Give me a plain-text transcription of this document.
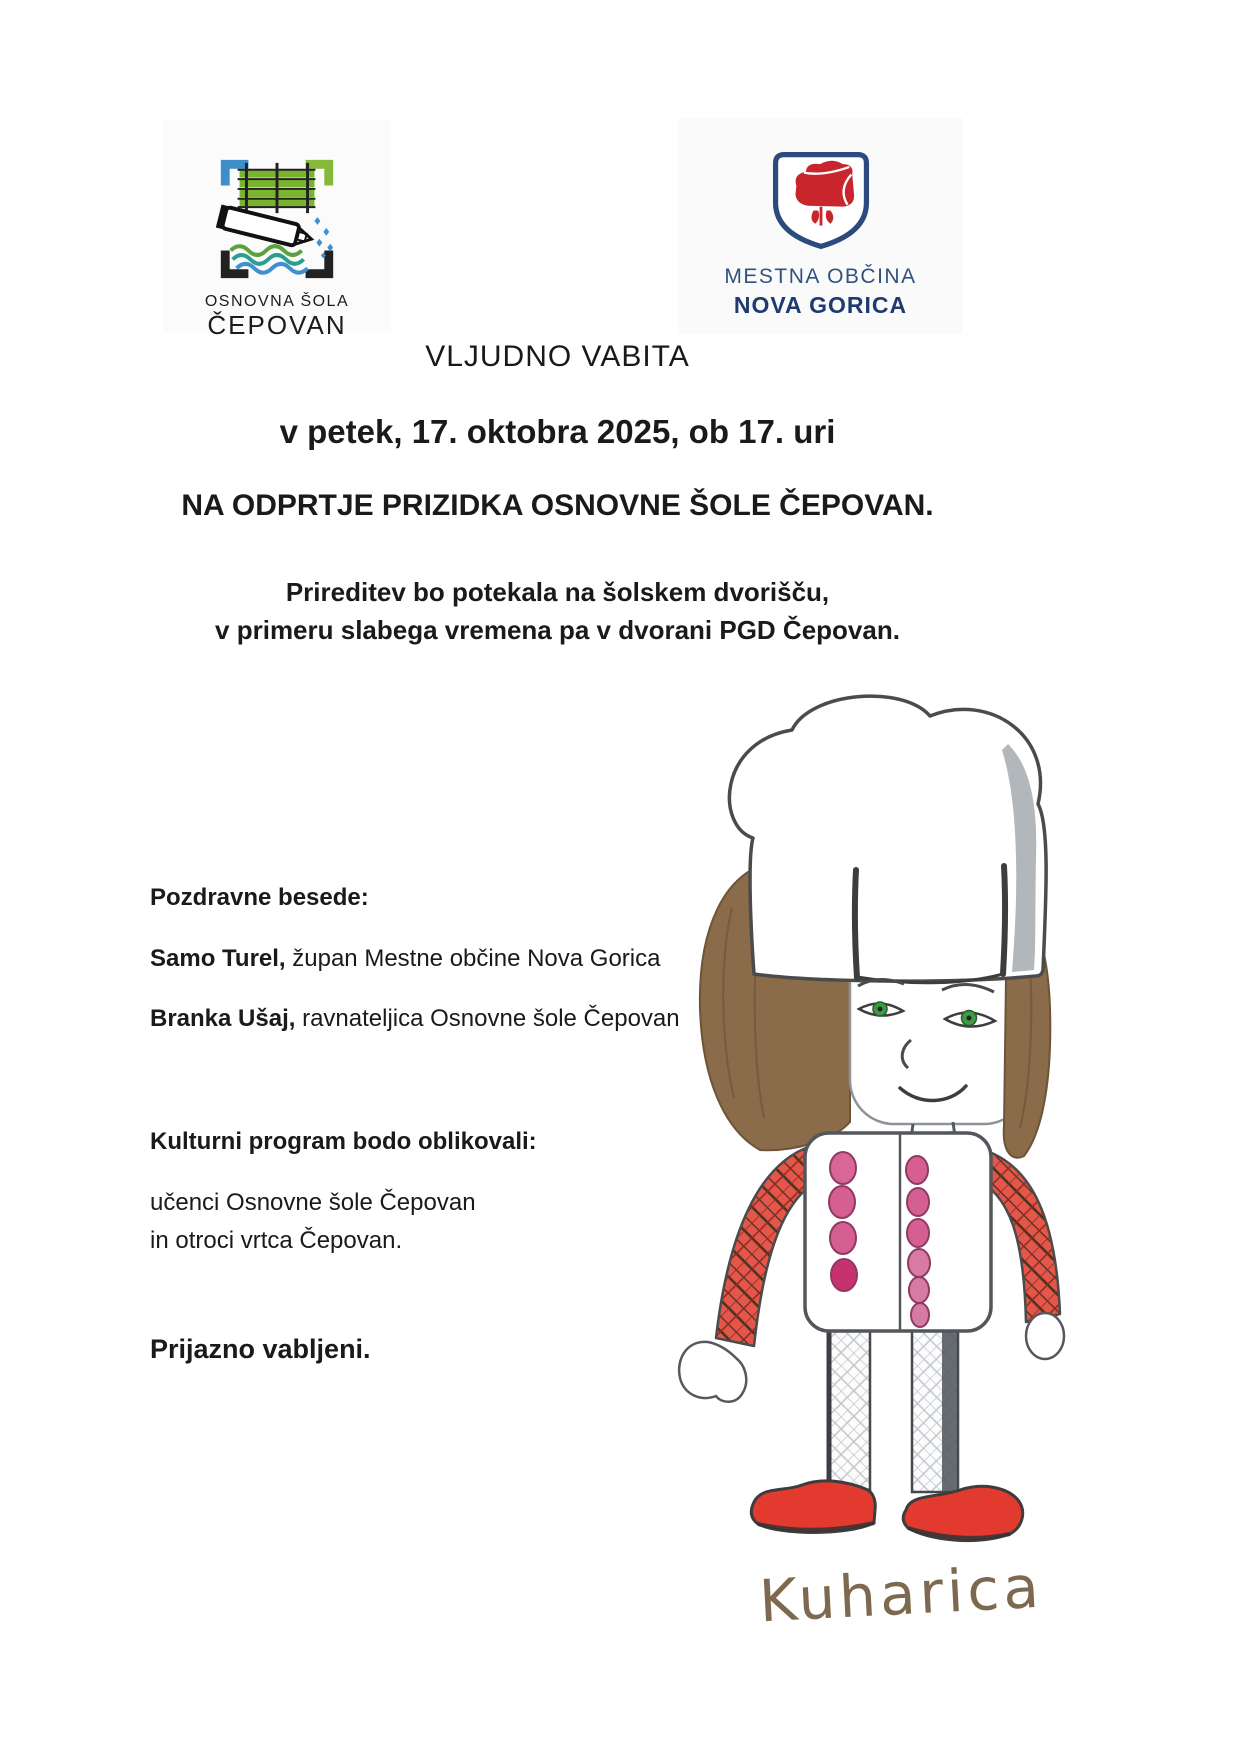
OSNOVNA ŠOLA
ČEPOVAN
MESTNA OBČINA
NOVA GORICA
VLJUDNO VABITA
v petek, 17. oktobra 2025, ob 17. uri
NA ODPRTJE PRIZIDKA OSNOVNE ŠOLE ČEPOVAN.
Prireditev bo potekala na šolskem dvorišču,
v primeru slabega vremena pa v dvorani PGD Čepovan.
Pozdravne besede:
Samo Turel, župan Mestne občine Nova Gorica
Branka Ušaj, ravnateljica Osnovne šole Čepovan
Kulturni program bodo oblikovali:
učenci Osnovne šole Čepovan
in otroci vrtca Čepovan.
Prijazno vabljeni.
Kuharica
